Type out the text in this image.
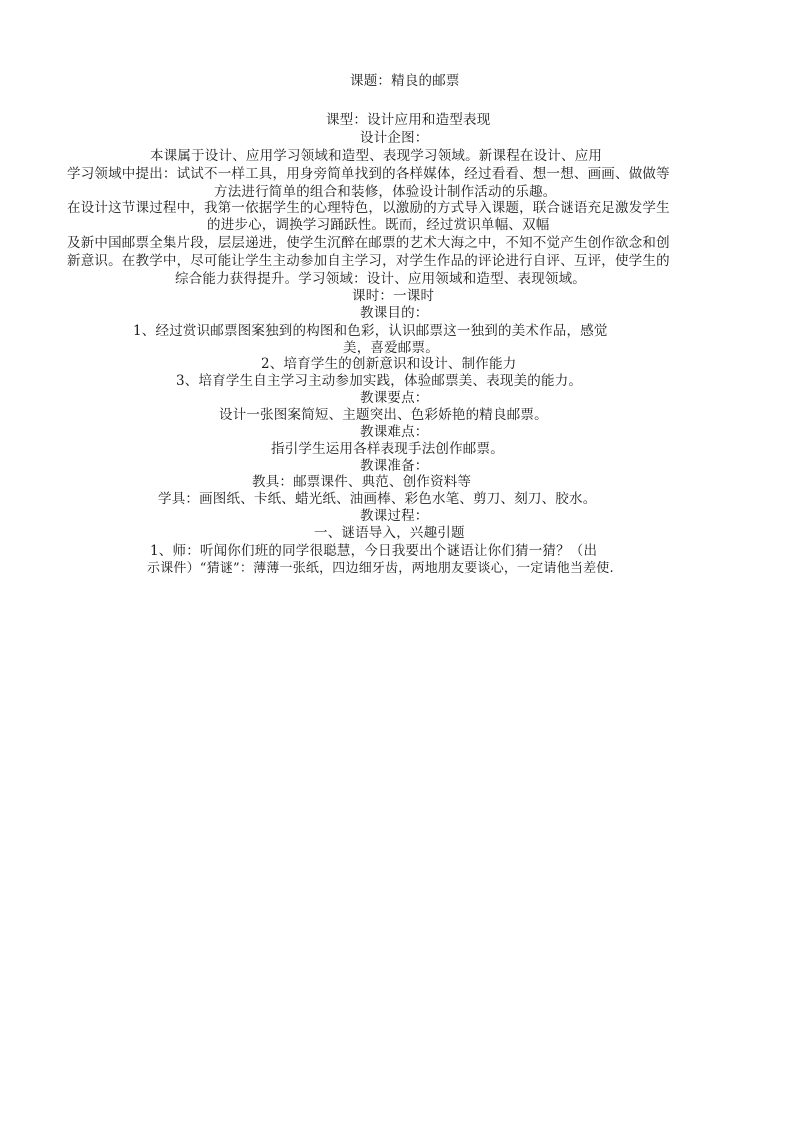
课题：精良的邮票
课型：设计应用和造型表现
设计企图：
本课属于设计、应用学习领域和造型、表现学习领域。新课程在设计、应用
学习领域中提出：试试不一样工具，用身旁简单找到的各样媒体，经过看看、想一想、画画、做做等
方法进行简单的组合和装修，体验设计制作活动的乐趣。
在设计这节课过程中，我第一依据学生的心理特色，以激励的方式导入课题，联合谜语充足激发学生
的进步心，调换学习踊跃性。既而，经过赏识单幅、双幅
及新中国邮票全集片段，层层递进，使学生沉醉在邮票的艺术大海之中，不知不觉产生创作欲念和创
新意识。在教学中，尽可能让学生主动参加自主学习，对学生作品的评论进行自评、互评，使学生的
综合能力获得提升。学习领域：设计、应用领域和造型、表现领域。
课时：一课时
教课目的：
1、经过赏识邮票图案独到的构图和色彩，认识邮票这一独到的美术作品，感觉
美，喜爱邮票。
2、培育学生的创新意识和设计、制作能力
3、培育学生自主学习主动参加实践，体验邮票美、表现美的能力。
教课要点：
设计一张图案简短、主题突出、色彩娇艳的精良邮票。
教课难点：
指引学生运用各样表现手法创作邮票。
教课准备：
教具：邮票课件、典范、创作资料等
学具：画图纸、卡纸、蜡光纸、油画棒、彩色水笔、剪刀、刻刀、胶水。
教课过程：
一、谜语导入，兴趣引题
1、师：听闻你们班的同学很聪慧，今日我要出个谜语让你们猜一猜？（出
示课件）“猜谜”：薄薄一张纸，四边细牙齿，两地朋友要谈心，一定请他当差使.
